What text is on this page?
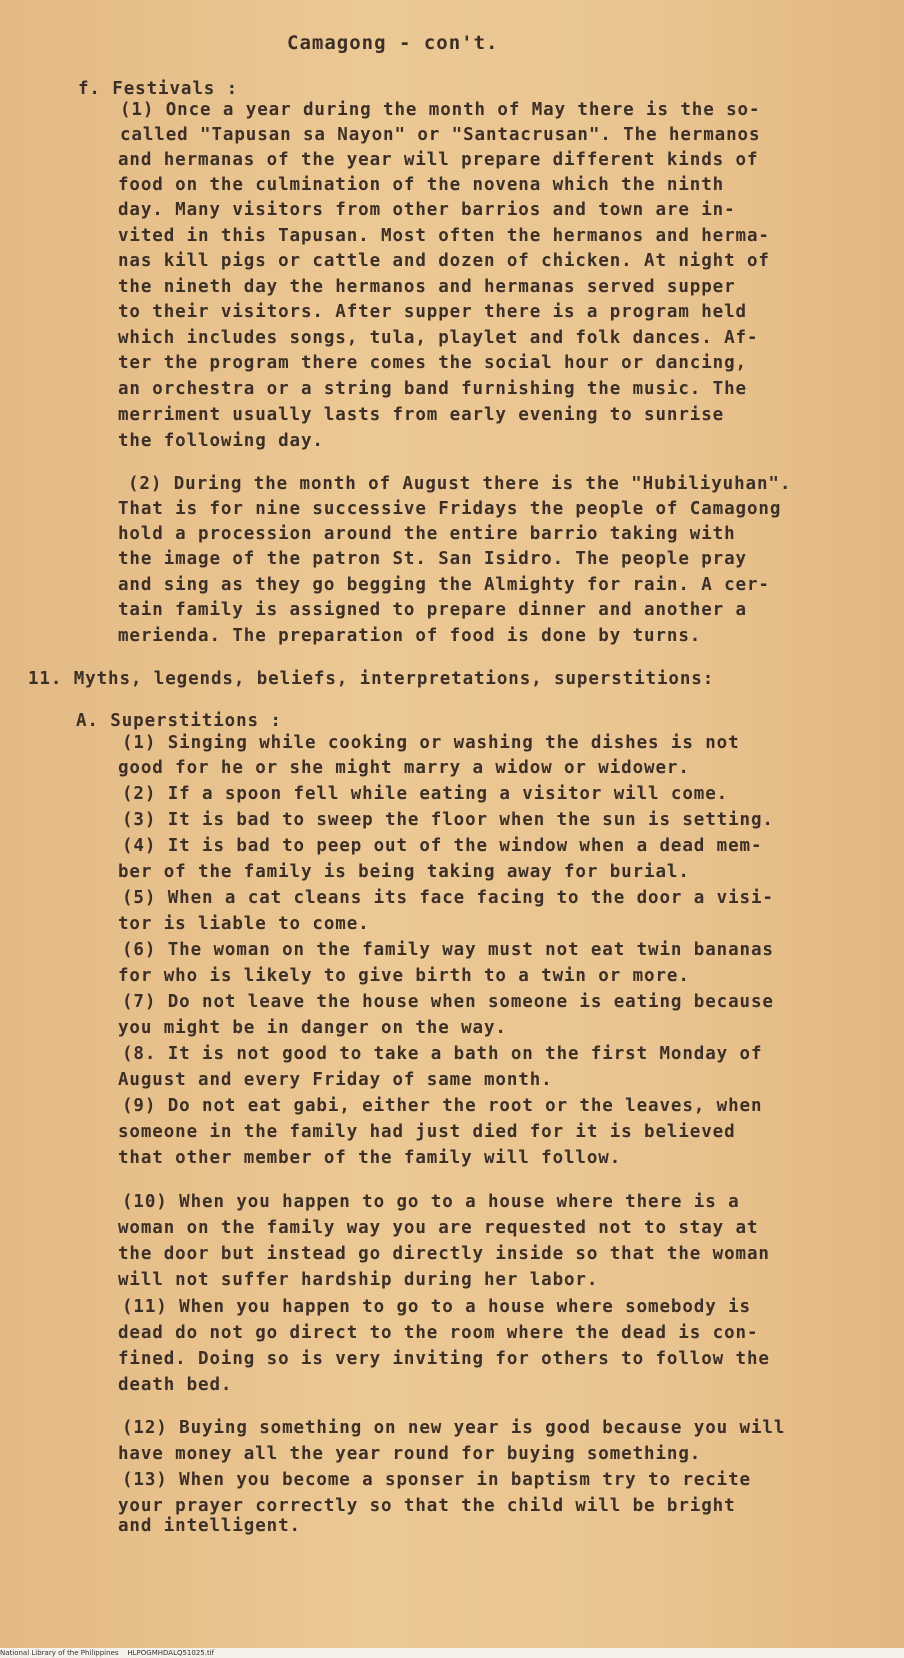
Camagong - con't.
f. Festivals :
(1) Once a year during the month of May there is the so-
called "Tapusan sa Nayon" or "Santacrusan". The hermanos
and hermanas of the year will prepare different kinds of
food on the culmination of the novena which the ninth
day. Many visitors from other barrios and town are in-
vited in this Tapusan. Most often the hermanos and herma-
nas kill pigs or cattle and dozen of chicken. At night of
the nineth day the hermanos and hermanas served supper
to their visitors. After supper there is a program held
which includes songs, tula, playlet and folk dances. Af-
ter the program there comes the social hour or dancing,
an orchestra or a string band furnishing the music. The
merriment usually lasts from early evening to sunrise
the following day.
(2) During the month of August there is the "Hubiliyuhan".
That is for nine successive Fridays the people of Camagong
hold a procession around the entire barrio taking with
the image of the patron St. San Isidro. The people pray
and sing as they go begging the Almighty for rain. A cer-
tain family is assigned to prepare dinner and another a
merienda. The preparation of food is done by turns.
11. Myths, legends, beliefs, interpretations, superstitions:
A. Superstitions :
(1) Singing while cooking or washing the dishes is not
good for he or she might marry a widow or widower.
(2) If a spoon fell while eating a visitor will come.
(3) It is bad to sweep the floor when the sun is setting.
(4) It is bad to peep out of the window when a dead mem-
ber of the family is being taking away for burial.
(5) When a cat cleans its face facing to the door a visi-
tor is liable to come.
(6) The woman on the family way must not eat twin bananas
for who is likely to give birth to a twin or more.
(7) Do not leave the house when someone is eating because
you might be in danger on the way.
(8. It is not good to take a bath on the first Monday of
August and every Friday of same month.
(9) Do not eat gabi, either the root or the leaves, when
someone in the family had just died for it is believed
that other member of the family will follow.
(10) When you happen to go to a house where there is a
woman on the family way you are requested not to stay at
the door but instead go directly inside so that the woman
will not suffer hardship during her labor.
(11) When you happen to go to a house where somebody is
dead do not go direct to the room where the dead is con-
fined. Doing so is very inviting for others to follow the
death bed.
(12) Buying something on new year is good because you will
have money all the year round for buying something.
(13) When you become a sponser in baptism try to recite
your prayer correctly so that the child will be bright
and intelligent.
National Library of the Philippines    HLPOGMHDALQ51025.tif
